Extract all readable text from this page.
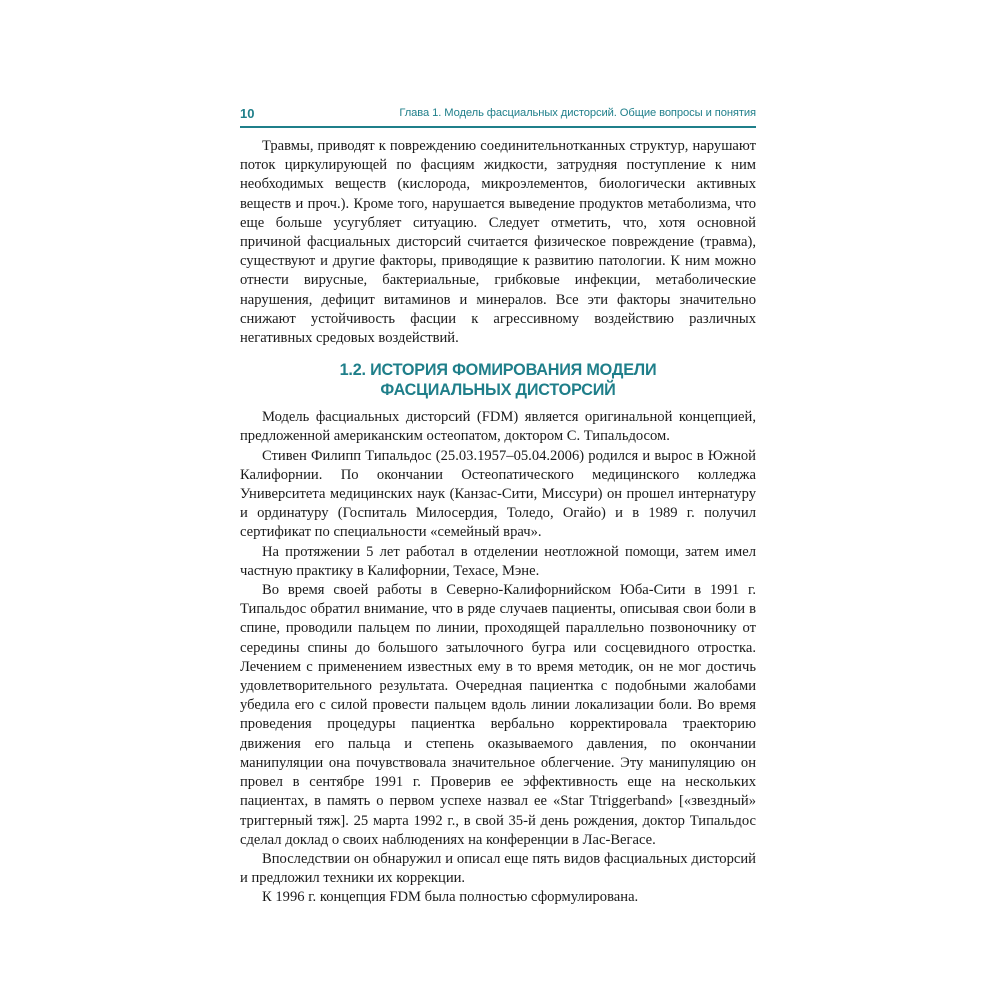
10	Глава 1. Модель фасциальных дисторсий. Общие вопросы и понятия

Травмы, приводят к повреждению соединительнотканных структур, нарушают поток циркулирующей по фасциям жидкости, затрудняя поступление к ним необходимых веществ (кислорода, микроэлементов, биологически активных веществ и проч.). Кроме того, нарушается выведение продуктов метаболизма, что еще больше усугубляет ситуацию. Следует отметить, что, хотя основной причиной фасциальных дисторсий считается физическое повреждение (травма), существуют и другие факторы, приводящие к развитию патологии. К ним можно отнести вирусные, бактериальные, грибковые инфекции, метаболические нарушения, дефицит витаминов и минералов. Все эти факторы значительно снижают устойчивость фасции к агрессивному воздействию различных негативных средовых воздействий.

1.2. ИСТОРИЯ ФОМИРОВАНИЯ МОДЕЛИ
ФАСЦИАЛЬНЫХ ДИСТОРСИЙ

Модель фасциальных дисторсий (FDM) является оригинальной концепцией, предложенной американским остеопатом, доктором С. Типальдосом.

Стивен Филипп Типальдос (25.03.1957–05.04.2006) родился и вырос в Южной Калифорнии. По окончании Остеопатического медицинского колледжа Университета медицинских наук (Канзас-Сити, Миссури) он прошел интернатуру и ординатуру (Госпиталь Милосердия, Толедо, Огайо) и в 1989 г. получил сертификат по специальности «семейный врач».

На протяжении 5 лет работал в отделении неотложной помощи, затем имел частную практику в Калифорнии, Техасе, Мэне.

Во время своей работы в Северно-Калифорнийском Юба-Сити в 1991 г. Типальдос обратил внимание, что в ряде случаев пациенты, описывая свои боли в спине, проводили пальцем по линии, проходящей параллельно позвоночнику от середины спины до большого затылочного бугра или сосцевидного отростка. Лечением с применением известных ему в то время методик, он не мог достичь удовлетворительного результата. Очередная пациентка с подобными жалобами убедила его с силой провести пальцем вдоль линии локализации боли. Во время проведения процедуры пациентка вербально корректировала траекторию движения его пальца и степень оказываемого давления, по окончании манипуляции она почувствовала значительное облегчение. Эту манипуляцию он провел в сентябре 1991 г. Проверив ее эффективность еще на нескольких пациентах, в память о первом успехе назвал ее «Star Ttriggerband» [«звездный» триггерный тяж]. 25 марта 1992 г., в свой 35-й день рождения, доктор Типальдос сделал доклад о своих наблюдениях на конференции в Лас-Вегасе.

Впоследствии он обнаружил и описал еще пять видов фасциальных дисторсий и предложил техники их коррекции.

К 1996 г. концепция FDM была полностью сформулирована.
